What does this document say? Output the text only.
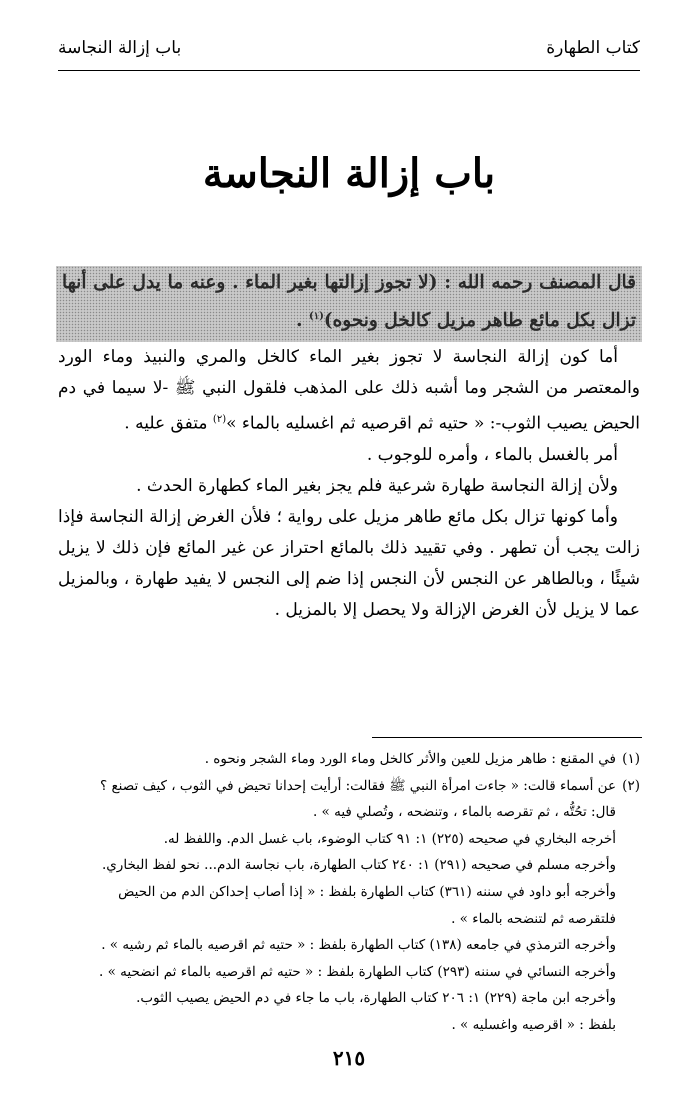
كتاب الطهارة
باب إزالة النجاسة
باب إزالة النجاسة
قال المصنف رحمه الله : (لا تجوز إزالتها بغير الماء . وعنه ما يدل على أنها تزال بكل مائع طاهر مزيل كالخل ونحوه)$^{(١)}$ .

أما كون إزالة النجاسة لا تجوز بغير الماء كالخل والمري والنبيذ وماء الورد والمعتصر من الشجر وما أشبه ذلك على المذهب فلقول النبي ﷺ -لا سيما في دم الحيض يصيب الثوب-: « حتيه ثم اقرصيه ثم اغسليه بالماء »$^{(٢)}$ متفق عليه .

أمر بالغسل بالماء ، وأمره للوجوب .

ولأن إزالة النجاسة طهارة شرعية فلم يجز بغير الماء كطهارة الحدث .

وأما كونها تزال بكل مائع طاهر مزيل على رواية ؛ فلأن الغرض إزالة النجاسة فإذا زالت يجب أن تطهر . وفي تقييد ذلك بالمائع احتراز عن غير المائع فإن ذلك لا يزيل شيئًا ، وبالطاهر عن النجس لأن النجس إذا ضم إلى النجس لا يفيد طهارة ، وبالمزيل عما لا يزيل لأن الغرض الإزالة ولا يحصل إلا بالمزيل .

(١)في المقنع : طاهر مزيل للعين والأثر كالخل وماء الورد وماء الشجر ونحوه .

(٢)عن أسماء قالت: « جاءت امرأة النبي ﷺ فقالت: أرأيت إحدانا تحيض في الثوب ، كيف تصنع ؟

قال: تحُتُّه ، ثم تقرصه بالماء ، وتنضحه ، وتُصلي فيه » .

أخرجه البخاري في صحيحه (٢٢٥) ١: ٩١ كتاب الوضوء، باب غسل الدم. واللفظ له.

وأخرجه مسلم في صحيحه (٢٩١) ١: ٢٤٠ كتاب الطهارة، باب نجاسة الدم... نحو لفظ البخاري.

وأخرجه أبو داود في سننه (٣٦١) كتاب الطهارة بلفظ : « إذا أصاب إحداكن الدم من الحيض

فلتقرصه ثم لتنضحه بالماء » .

وأخرجه الترمذي في جامعه (١٣٨) كتاب الطهارة بلفظ : « حتيه ثم اقرصيه بالماء ثم رشيه » .

وأخرجه النسائي في سننه (٢٩٣) كتاب الطهارة بلفظ : « حتيه ثم اقرصيه بالماء ثم انضحيه » .

وأخرجه ابن ماجة (٢٢٩) ١: ٢٠٦ كتاب الطهارة، باب ما جاء في دم الحيض يصيب الثوب.

بلفظ : « اقرصيه واغسليه » .

٢١٥
